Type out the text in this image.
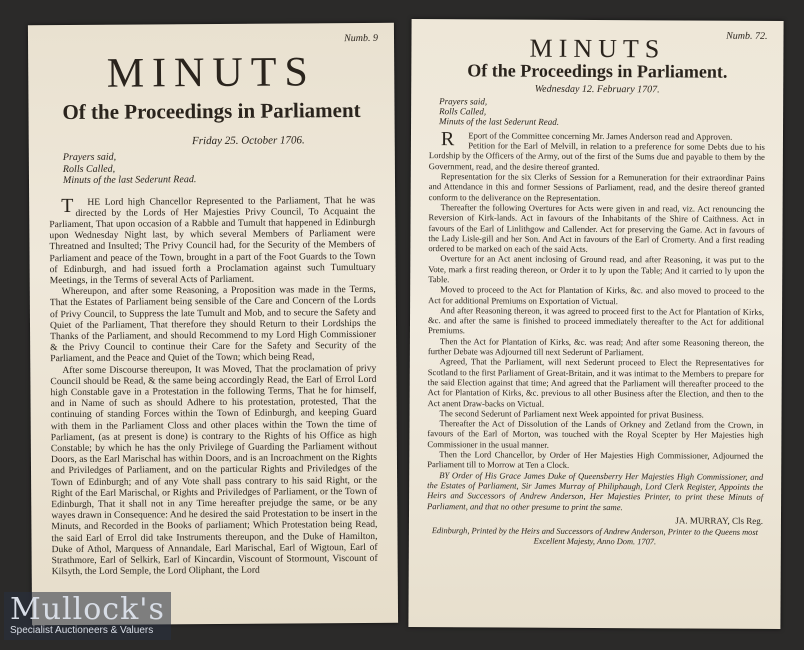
Numb. 9
MINUTS
Of the Proceedings in Parliament

Friday 25. October 1706.

Prayers said,
Rolls Called,
Minuts of the last Sederunt Read.

T HE Lord high Chancellor Represented to the Parliament, That he was directed by the Lords of Her Majesties Privy Council, To Acquaint the Parliament, That upon occasion of a Rabble and Tumult that happened in Edinburgh upon Wednesday Night last, by which several Members of Parliament were Threatned and Insulted; The Privy Council had, for the Security of the Members of Parliament and peace of the Town, brought in a part of the Foot Guards to the Town of Edinburgh, and had issued forth a Proclamation against such Tumultuary Meetings, in the Terms of several Acts of Parliament.

Whereupon, and after some Reasoning, a Proposition was made in the Terms, That the Estates of Parliament being sensible of the Care and Concern of the Lords of Privy Council, to Suppress the late Tumult and Mob, and to secure the Safety and Quiet of the Parliament, That therefore they should Return to their Lordships the Thanks of the Parliament, and should Recommend to my Lord High Commissioner & the Privy Council to continue their Care for the Safety and Security of the Parliament, and the Peace and Quiet of the Town; which being Read,

After some Discourse thereupon, It was Moved, That the proclamation of privy Council should be Read, & the same being accordingly Read, the Earl of Errol Lord high Constable gave in a Protestation in the following Terms, That he for himself, and in Name of such as should Adhere to his protestation, protested, That the continuing of standing Forces within the Town of Edinburgh, and keeping Guard with them in the Parliament Closs and other places within the Town the time of Parliament, (as at present is done) is contrary to the Rights of his Office as high Constable; by which he has the only Privilege of Guarding the Parliament without Doors, as the Earl Marischal has within Doors, and is an Incroachment on the Rights and Priviledges of Parliament, and on the particular Rights and Priviledges of the Town of Edinburgh; and of any Vote shall pass contrary to his said Right, or the Right of the Earl Marischal, or Rights and Priviledges of Parliament, or the Town of Edinburgh, That it shall not in any Time hereafter prejudge the same, or be any wayes drawn in Consequence: And he desired the said Protestation to be insert in the Minuts, and Recorded in the Books of parliament; Which Protestation being Read, the said Earl of Errol did take Instruments thereupon, and the Duke of Hamilton, Duke of Athol, Marquess of Annandale, Earl Marischal, Earl of Wigtoun, Earl of Strathmore, Earl of Selkirk, Earl of Kincardin, Viscount of Stormount, Viscount of Kilsyth, the Lord Semple, the Lord Oliphant, the Lord

Numb. 72.
MINUTS
Of the Proceedings in Parliament.

Wednesday 12. February 1707.

Prayers said,
Rolls Called,
Minuts of the last Sederunt Read.

R Eport of the Committee concerning Mr. James Anderson read and Approven.

Petition for the Earl of Melvill, in relation to a preference for some Debts due to his Lordship by the Officers of the Army, out of the first of the Sums due and payable to them by the Government, read, and the desire thereof granted.

Representation for the six Clerks of Session for a Remuneration for their extraordinar Pains and Attendance in this and former Sessions of Parliament, read, and the desire thereof granted conform to the deliverance on the Representation.

Thereafter the following Overtures for Acts were given in and read, viz. Act renouncing the Reversion of Kirk-lands. Act in favours of the Inhabitants of the Shire of Caithness. Act in favours of the Earl of Linlithgow and Callender. Act for preserving the Game. Act in favours of the Lady Lisle-gill and her Son. And Act in favours of the Earl of Cromerty. And a first reading ordered to be marked on each of the said Acts.

Overture for an Act anent inclosing of Ground read, and after Reasoning, it was put to the Vote, mark a first reading thereon, or Order it to ly upon the Table; And it carried to ly upon the Table.

Moved to proceed to the Act for Plantation of Kirks, &c. and also moved to proceed to the Act for additional Premiums on Exportation of Victual.

And after Reasoning thereon, it was agreed to proceed first to the Act for Plantation of Kirks, &c. and after the same is finished to proceed immediately thereafter to the Act for additional Premiums.

Then the Act for Plantation of Kirks, &c. was read; And after some Reasoning thereon, the further Debate was Adjourned till next Sederunt of Parliament.

Agreed, That the Parliament, will next Sederunt proceed to Elect the Representatives for Scotland to the first Parliament of Great-Britain, and it was intimat to the Members to prepare for the said Election against that time; And agreed that the Parliament will thereafter proceed to the Act for Plantation of Kirks, &c. previous to all other Business after the Election, and then to the Act anent Draw-backs on Victual.

The second Sederunt of Parliament next Week appointed for privat Business.

Thereafter the Act of Dissolution of the Lands of Orkney and Zetland from the Crown, in favours of the Earl of Morton, was touched with the Royal Scepter by Her Majesties high Commissioner in the usual manner.

Then the Lord Chancellor, by Order of Her Majesties High Commissioner, Adjourned the Parliament till to Morrow at Ten a Clock.

BY Order of His Grace James Duke of Queensberry Her Majesties High Commissioner, and the Estates of Parliament, Sir James Murray of Philiphaugh, Lord Clerk Register, Appoints the Heirs and Successors of Andrew Anderson, Her Majesties Printer, to print these Minuts of Parliament, and that no other presume to print the same.

JA. MURRAY, Cls Reg.
Edinburgh, Printed by the Heirs and Successors of Andrew Anderson, Printer to the Queens most Excellent Majesty, Anno Dom. 1707.
Mullock's
Specialist Auctioneers & Valuers
